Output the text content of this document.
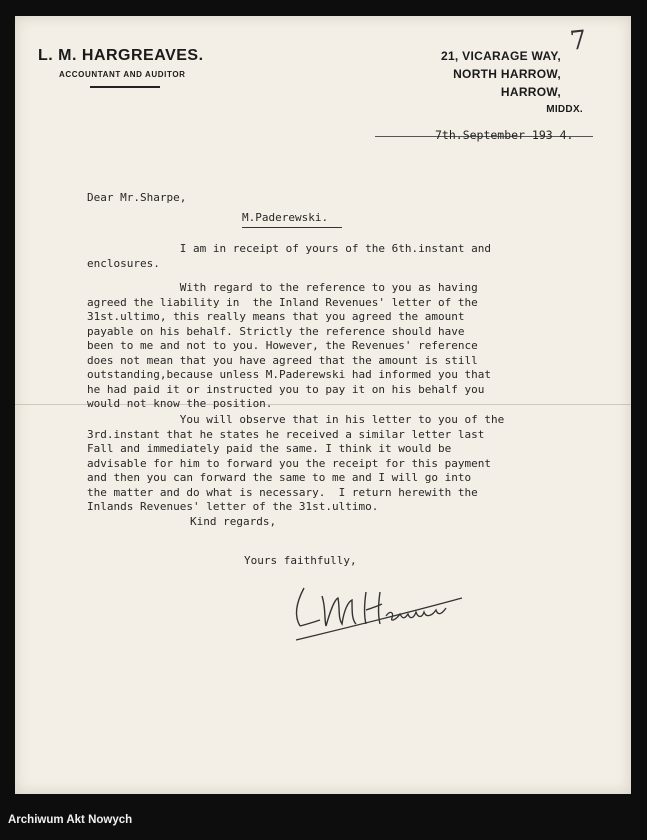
7
L. M. HARGREAVES.
ACCOUNTANT AND AUDITOR
21, VICARAGE WAY,
NORTH HARROW,
HARROW,
MIDDX.
7th.September 193 4.
Dear Mr.Sharpe,
M.Paderewski.
I am in receipt of yours of the 6th.instant and
enclosures.
With regard to the reference to you as having
agreed the liability in  the Inland Revenues' letter of the
31st.ultimo, this really means that you agreed the amount
payable on his behalf. Strictly the reference should have
been to me and not to you. However, the Revenues' reference
does not mean that you have agreed that the amount is still
outstanding,because unless M.Paderewski had informed you that
he had paid it or instructed you to pay it on his behalf you
would not know the position.
You will observe that in his letter to you of the
3rd.instant that he states he received a similar letter last
Fall and immediately paid the same. I think it would be
advisable for him to forward you the receipt for this payment
and then you can forward the same to me and I will go into
the matter and do what is necessary.  I return herewith the
Inlands Revenues' letter of the 31st.ultimo.
Kind regards,
Yours faithfully,
Archiwum Akt Nowych
